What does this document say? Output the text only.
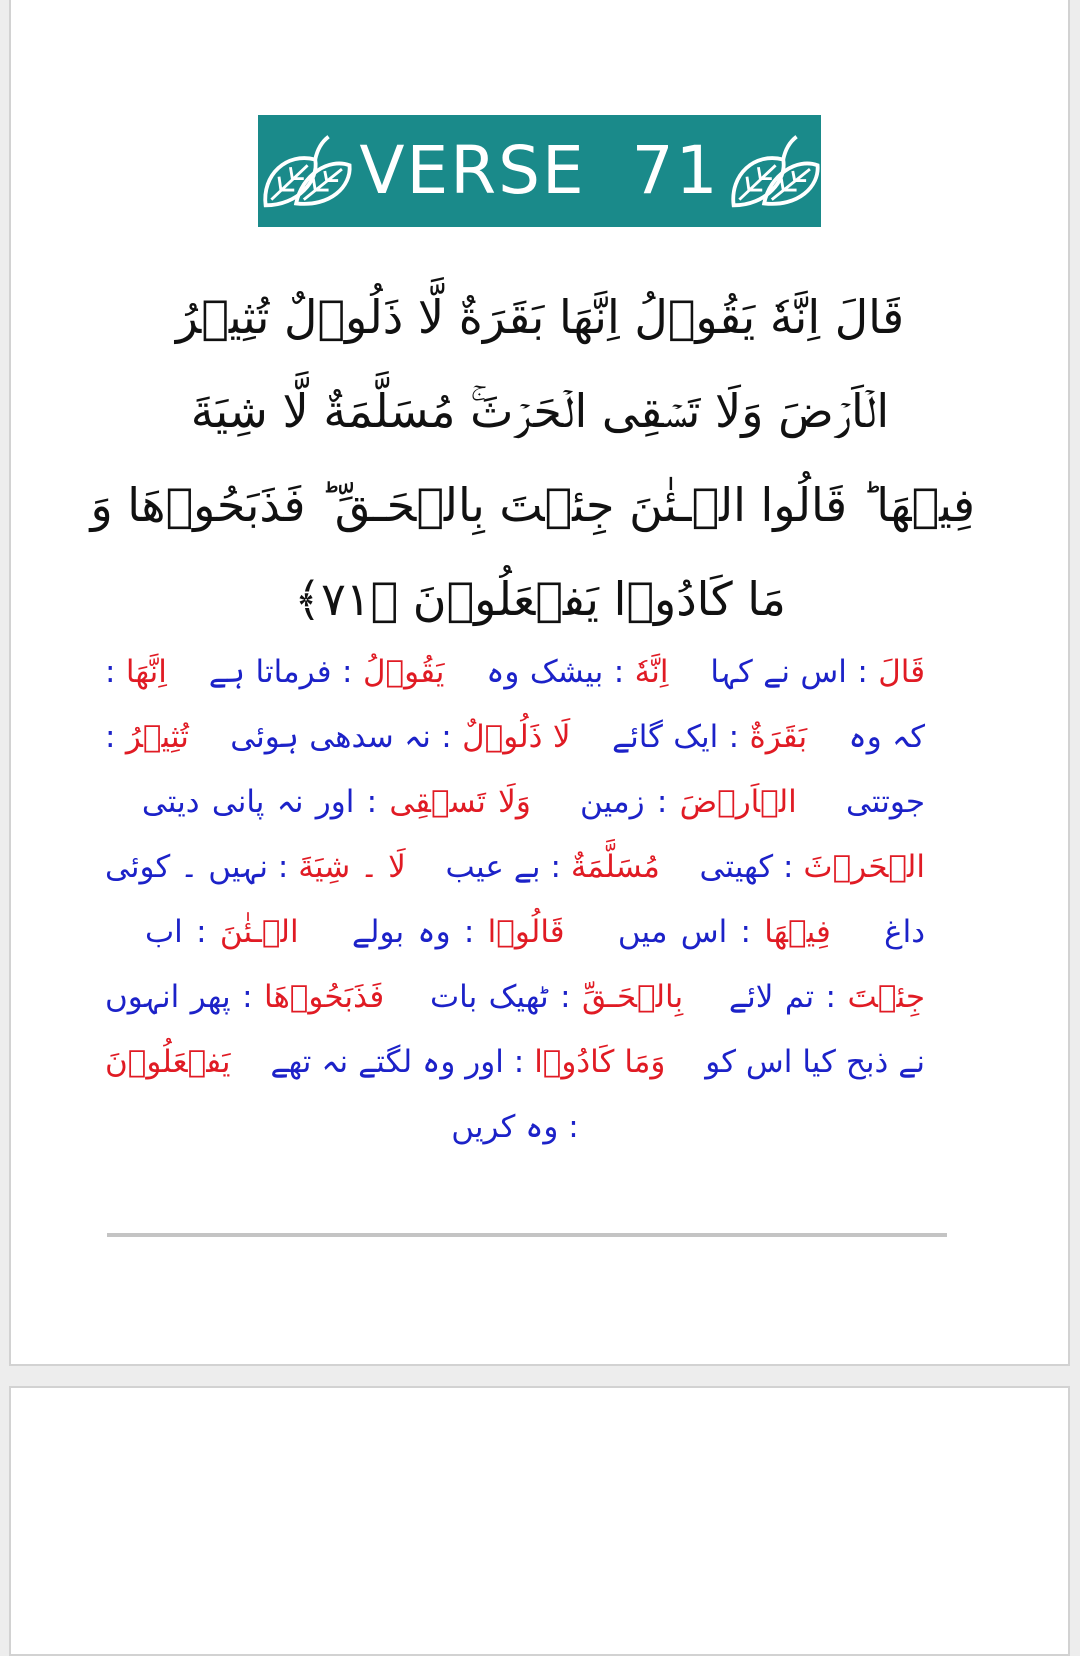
VERSE  71
قَالَ اِنَّهٗ يَقُوۡلُ اِنَّهَا بَقَرَةٌ لَّا ذَلُوۡلٌ تُثِيۡرُ
الۡاَرۡضَ وَلَا تَسۡقِى الۡحَرۡثَ​ۚ مُسَلَّمَةٌ لَّا شِيَةَ
فِيۡهَا​ ؕ قَالُوا الۡـئٰنَ جِئۡتَ بِالۡحَـقِّ​ ؕ فَذَبَحُوۡهَا وَ
مَا كَادُوۡا يَفۡعَلُوۡنَ‏ ﴿۷۱﴾
قَالَ : اس نے کہا    اِنَّهٗ : بیشک وہ    يَقُوۡلُ : فرماتا ہے    اِنَّهَا : کہ وہ    بَقَرَةٌ : ایک گائے    لَا ذَلُوۡلٌ : نہ سدھی ہوئی    تُثِيۡرُ : جوتتی    الۡاَرۡضَ : زمین    وَلَا تَسۡقِى : اور نہ پانی دیتی    الۡحَرۡثَ : کھیتی    مُسَلَّمَةٌ : بے عیب    لَا ۔ شِيَةَ : نہیں ۔ کوئی داغ    فِيۡهَا : اس میں    قَالُوۡا : وہ بولے    الۡـئٰنَ : اب    جِئۡتَ : تم لائے    بِالۡحَـقِّ : ٹھیک بات    فَذَبَحُوۡهَا : پھر انہوں نے ذبح کیا اس کو    وَمَا كَادُوۡا : اور وہ لگتے نہ تھے    يَفۡعَلُوۡنَ : وہ کریں
